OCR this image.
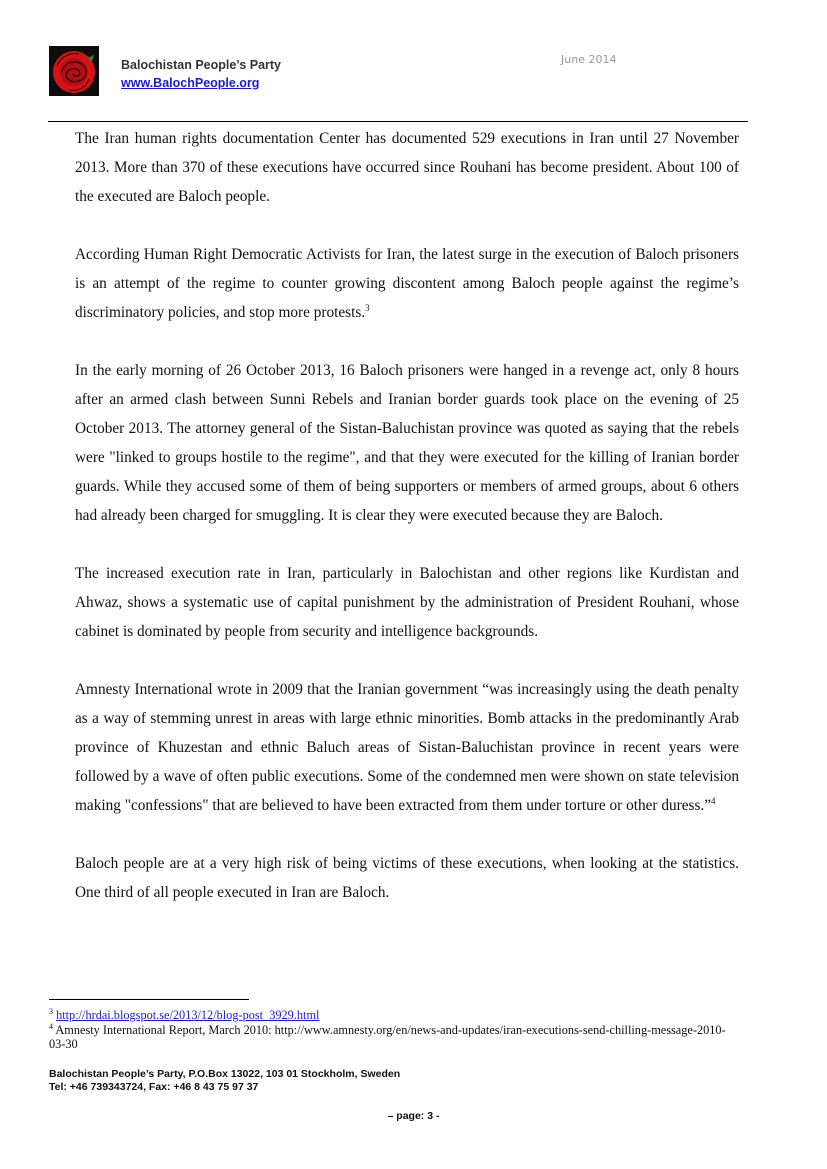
Balochistan People’s Party
www.BalochPeople.org
June 2014

The Iran human rights documentation Center has documented 529 executions in Iran until 27 November 2013. More than 370 of these executions have occurred since Rouhani has become president. About 100 of the executed are Baloch people.

According Human Right Democratic Activists for Iran, the latest surge in the execution of Baloch prisoners is an attempt of the regime to counter growing discontent among Baloch people against the regime’s discriminatory policies, and stop more protests.$^3$

In the early morning of 26 October 2013, 16 Baloch prisoners were hanged in a revenge act, only 8 hours after an armed clash between Sunni Rebels and Iranian border guards took place on the evening of 25 October 2013. The attorney general of the Sistan-Baluchistan province was quoted as saying that the rebels were "linked to groups hostile to the regime", and that they were executed for the killing of Iranian border guards. While they accused some of them of being supporters or members of armed groups, about 6 others had already been charged for smuggling. It is clear they were executed because they are Baloch.

The increased execution rate in Iran, particularly in Balochistan and other regions like Kurdistan and Ahwaz, shows a systematic use of capital punishment by the administration of President Rouhani, whose cabinet is dominated by people from security and intelligence backgrounds.

Amnesty International wrote in 2009 that the Iranian government “was increasingly using the death penalty as a way of stemming unrest in areas with large ethnic minorities. Bomb attacks in the predominantly Arab province of Khuzestan and ethnic Baluch areas of Sistan-Baluchistan province in recent years were followed by a wave of often public executions. Some of the condemned men were shown on state television making "confessions" that are believed to have been extracted from them under torture or other duress.”$^4$

Baloch people are at a very high risk of being victims of these executions, when looking at the statistics. One third of all people executed in Iran are Baloch.

$^3$ http://hrdai.blogspot.se/2013/12/blog-post_3929.html

$^4$ Amnesty International Report, March 2010: http://www.amnesty.org/en/news-and-updates/iran-executions-send-chilling-message-2010-03-30

Balochistan People’s Party, P.O.Box 13022, 103 01 Stockholm, Sweden
Tel: +46 739343724, Fax: +46 8 43 75 97 37
– page: 3 -
